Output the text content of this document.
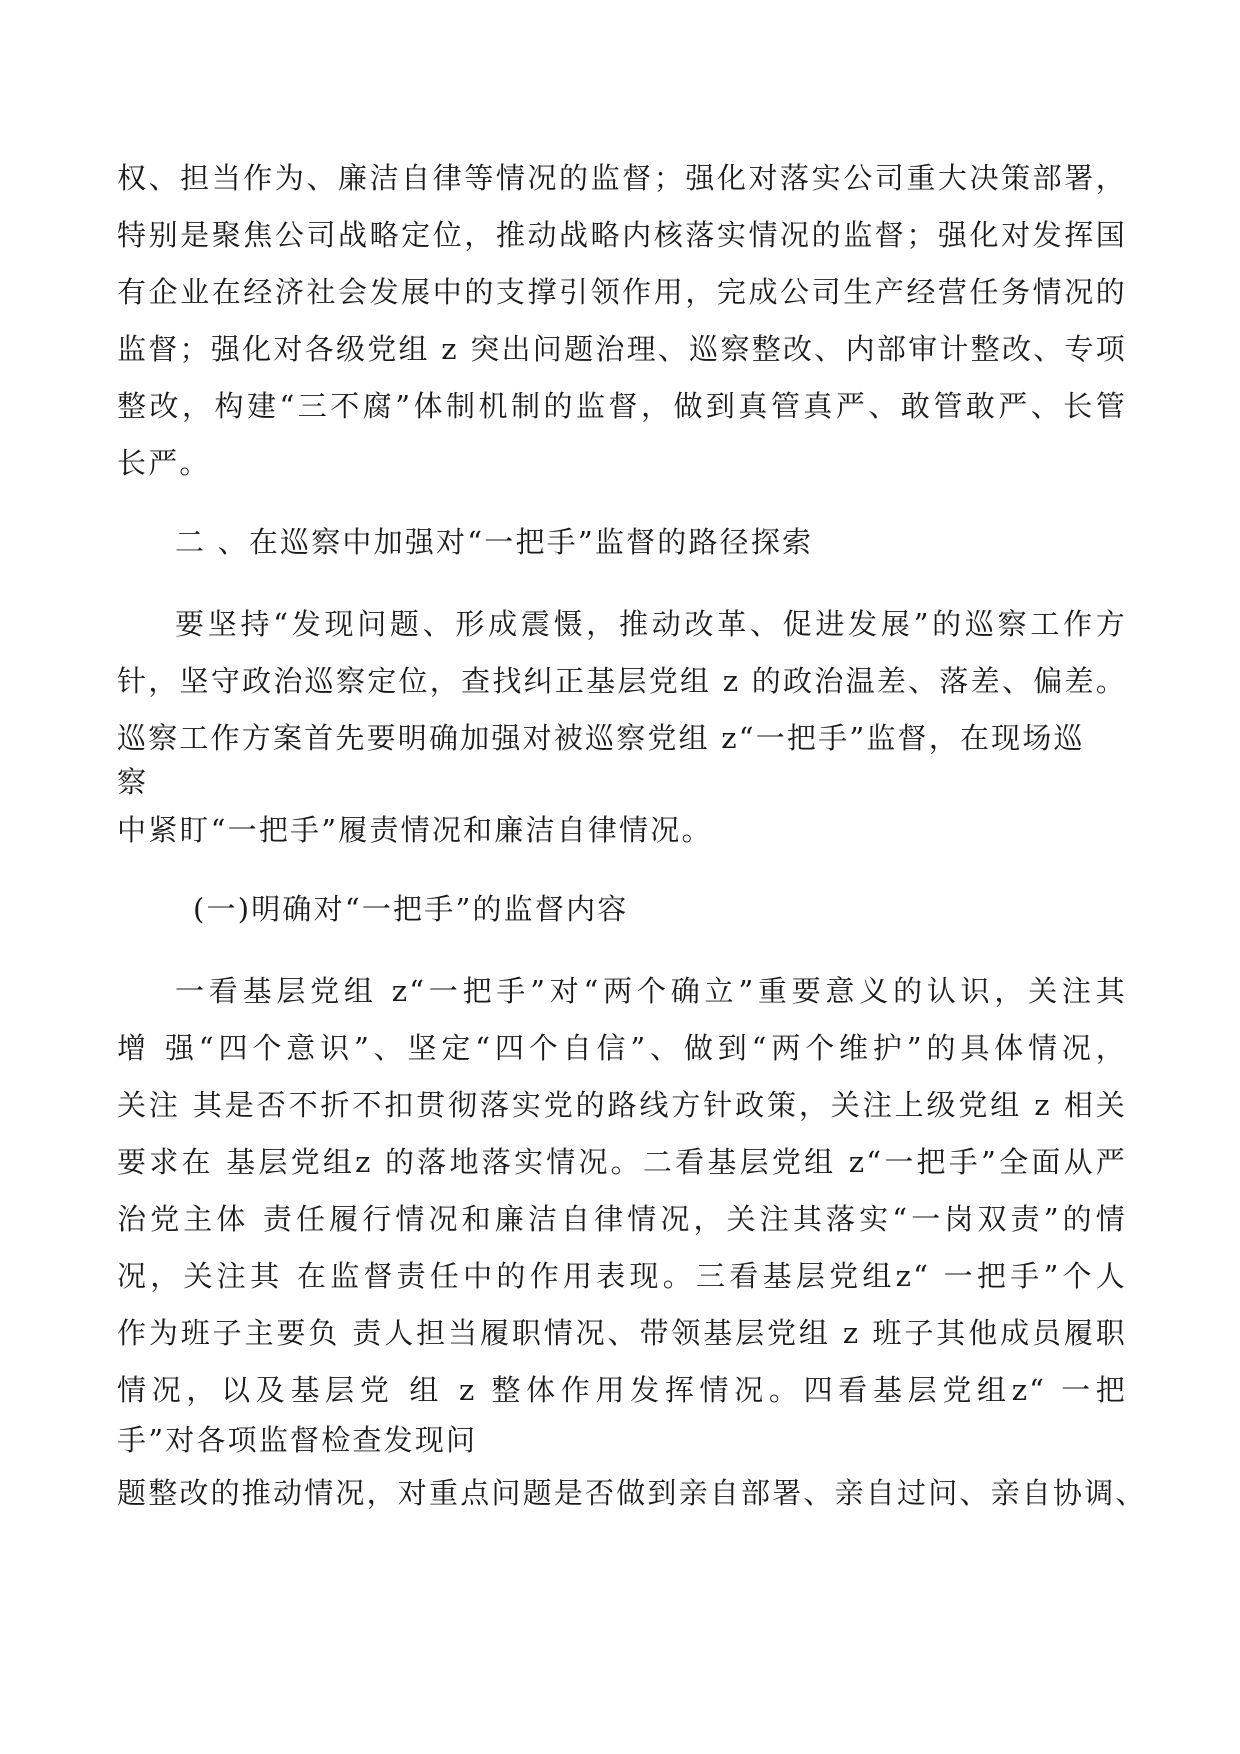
权、担当作为、廉洁自律等情况的监督；强化对落实公司重大决策部署，
特别是聚焦公司战略定位，推动战略内核落实情况的监督；强化对发挥国
有企业在经济社会发展中的支撑引领作用，完成公司生产经营任务情况的
监督；强化对各级党组 z 突出问题治理、巡察整改、内部审计整改、专项
整改，构建“三不腐”体制机制的监督，做到真管真严、敢管敢严、长管
长严。
二 、在巡察中加强对“一把手”监督的路径探索
要坚持“发现问题、形成震慑，推动改革、促进发展”的巡察工作方
针，坚守政治巡察定位，查找纠正基层党组 z 的政治温差、落差、偏差。
巡察工作方案首先要明确加强对被巡察党组 z“一把手”监督，在现场巡
察
中紧盯“一把手”履责情况和廉洁自律情况。
(一)明确对“一把手”的监督内容
一看基层党组 z“一把手”对“两个确立”重要意义的认识，关注其
增 强“四个意识”、坚定“四个自信”、做到“两个维护”的具体情况，
关注 其是否不折不扣贯彻落实党的路线方针政策，关注上级党组 z 相关
要求在 基层党组z 的落地落实情况。二看基层党组 z“一把手”全面从严
治党主体 责任履行情况和廉洁自律情况，关注其落实“一岗双责”的情
况，关注其 在监督责任中的作用表现。三看基层党组z“ 一把手”个人
作为班子主要负 责人担当履职情况、带领基层党组 z 班子其他成员履职
情况，以及基层党 组 z 整体作用发挥情况。四看基层党组z“ 一把
手”对各项监督检查发现问
题整改的推动情况，对重点问题是否做到亲自部署、亲自过问、亲自协调、
